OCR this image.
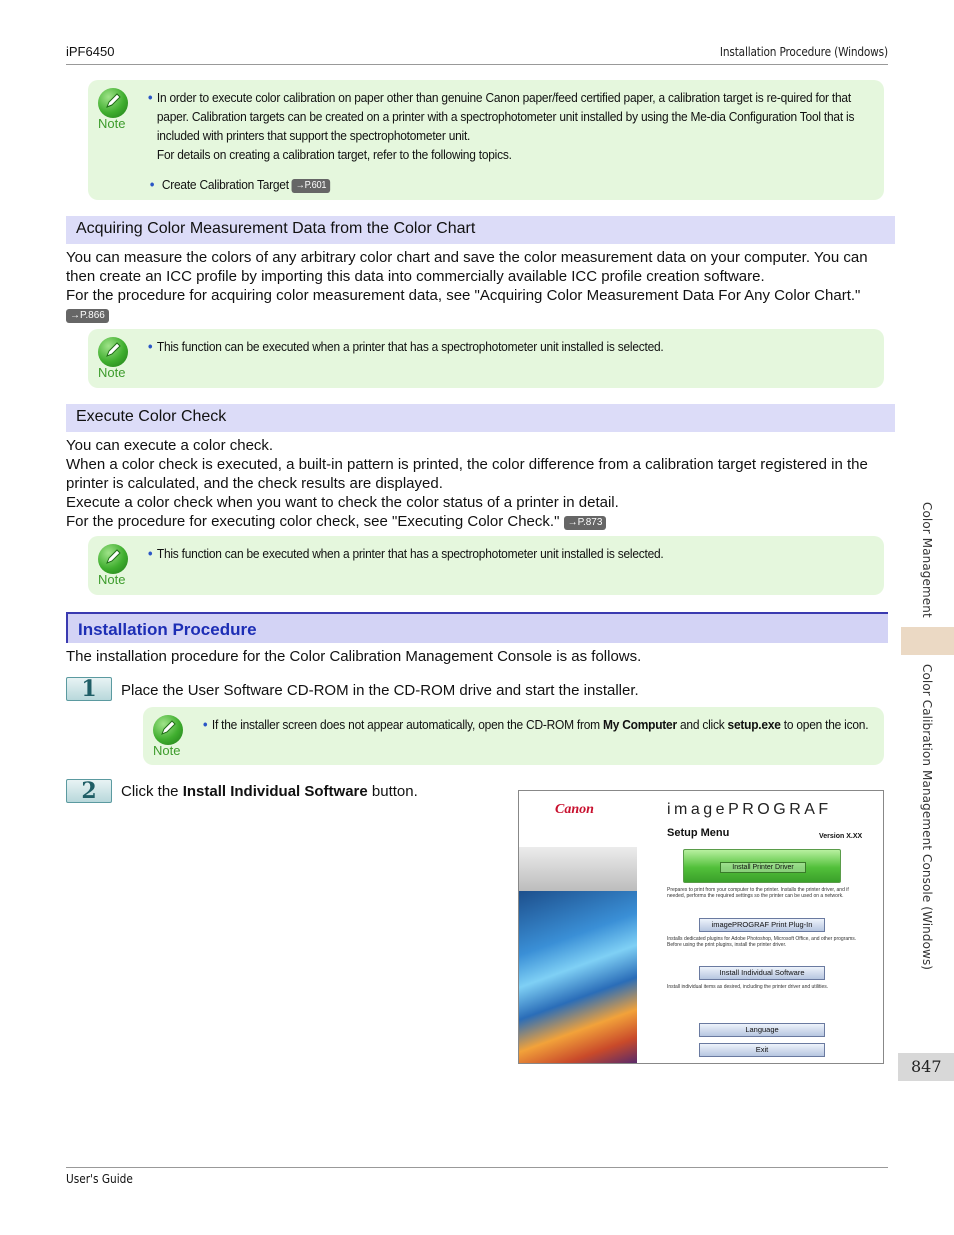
iPF6450	Installation Procedure (Windows)
Note
• In order to execute color calibration on paper other than genuine Canon paper/feed certified paper, a calibration target is re-quired for that paper. Calibration targets can be created on a printer with a spectrophotometer unit installed by using the Me-dia Configuration Tool that is included with printers that support the spectrophotometer unit.
For details on creating a calibration target, refer to the following topics.
• Create Calibration Target →P.601
Acquiring Color Measurement Data from the Color Chart

You can measure the colors of any arbitrary color chart and save the color measurement data on your computer. You can then create an ICC profile by importing this data into commercially available ICC profile creation software.

For the procedure for acquiring color measurement data, see "Acquiring Color Measurement Data For Any Color Chart."

→P.866

Note
• This function can be executed when a printer that has a spectrophotometer unit installed is selected.
Execute Color Check

You can execute a color check.

When a color check is executed, a built-in pattern is printed, the color difference from a calibration target registered in the printer is calculated, and the check results are displayed.

Execute a color check when you want to check the color status of a printer in detail.

For the procedure for executing color check, see "Executing Color Check." →P.873

Note
• This function can be executed when a printer that has a spectrophotometer unit installed is selected.
Installation Procedure
The installation procedure for the Color Calibration Management Console is as follows.
1	Place the User Software CD-ROM in the CD-ROM drive and start the installer.
Note
• If the installer screen does not appear automatically, open the CD-ROM from My Computer and click setup.exe to open the icon.
2	Click the Install Individual Software button.
Canon	imagePROGRAF
Setup Menu	Version X.XX
Install Printer Driver
Prepares to print from your computer to the printer. Installs the printer driver, and if needed, performs the required settings so the printer can be used on a network.
imagePROGRAF Print Plug-In
Installs dedicated plugins for Adobe Photoshop, Microsoft Office, and other programs. Before using the print plugins, install the printer driver.
Install Individual Software
Install individual items as desired, including the printer driver and utilities.
Language
Exit
Color Management
Color Calibration Management Console (Windows)
847
User's Guide
